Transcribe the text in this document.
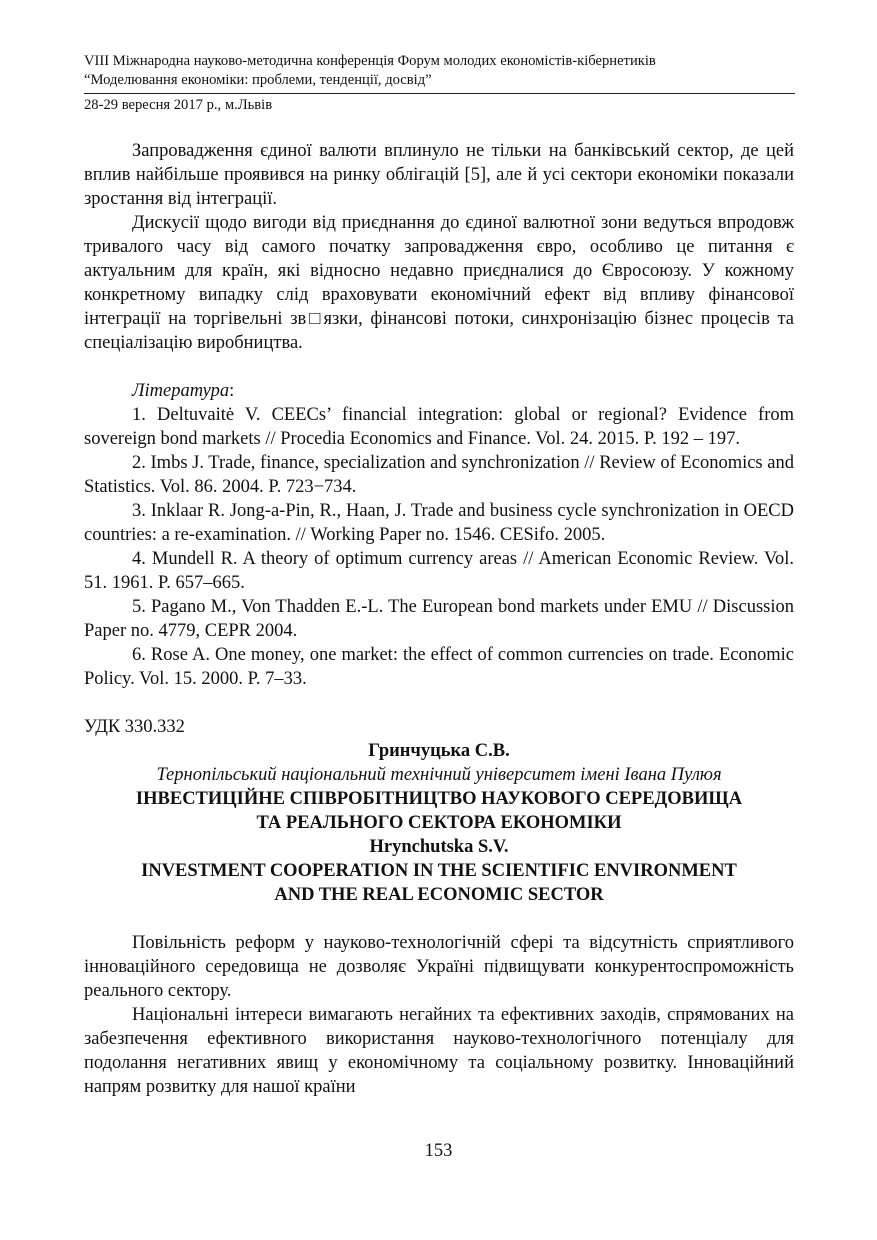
VIII Міжнародна науково-методична конференція Форум молодих економістів-кібернетиків
“Моделювання економіки: проблеми, тенденції, досвід”
28-29 вересня 2017 р., м.Львів

Запровадження єдиної валюти вплинуло не тільки на банківський сектор, де цей вплив найбільше проявився на ринку облігацій [5], але й усі сектори економіки показали зростання від інтеграції.

Дискусії щодо вигоди від приєднання до єдиної валютної зони ведуться впродовж тривалого часу від самого початку запровадження євро, особливо це питання є актуальним для країн, які відносно недавно приєдналися до Євросоюзу. У кожному конкретному випадку слід враховувати економічний ефект від впливу фінансової інтеграції на торгівельні зв□язки, фінансові потоки, синхронізацію бізнес процесів та спеціалізацію виробництва.

Література:

1. Deltuvaitė V. CEECs’ financial integration: global or regional? Evidence from sovereign bond markets // Procedia Economics and Finance. Vol. 24. 2015. P. 192 – 197.

2. Imbs J. Trade, finance, specialization and synchronization // Review of Economics and Statistics. Vol. 86. 2004. P. 723−734.

3. Inklaar R. Jong-a-Pin, R., Haan, J. Trade and business cycle synchronization in OECD countries: a re-examination. // Working Paper no. 1546. CESifo. 2005.

4. Mundell R. A theory of optimum currency areas // American Economic Review. Vol. 51. 1961. P. 657–665.

5. Pagano M., Von Thadden E.-L. The European bond markets under EMU // Discussion Paper no. 4779, CEPR 2004.

6. Rose A. One money, one market: the effect of common currencies on trade. Economic Policy. Vol. 15. 2000. P. 7–33.

УДК 330.332

Гринчуцька С.В.

Тернопільський національний технічний університет імені Івана Пулюя

ІНВЕСТИЦІЙНЕ СПІВРОБІТНИЦТВО НАУКОВОГО СЕРЕДОВИЩА

ТА РЕАЛЬНОГО СЕКТОРА ЕКОНОМІКИ

Hrynchutska S.V.

INVESTMENT COOPERATION IN THE SCIENTIFIC ENVIRONMENT

AND THE REAL ECONOMIC SECTOR

Повільність реформ у науково-технологічній сфері та відсутність сприятливого інноваційного середовища не дозволяє Україні підвищувати конкурентоспроможність реального сектору.

Національні інтереси вимагають негайних та ефективних заходів, спрямованих на забезпечення ефективного використання науково-технологічного потенціалу для подолання негативних явищ у економічному та соціальному розвитку. Інноваційний напрям розвитку для нашої країни

153
